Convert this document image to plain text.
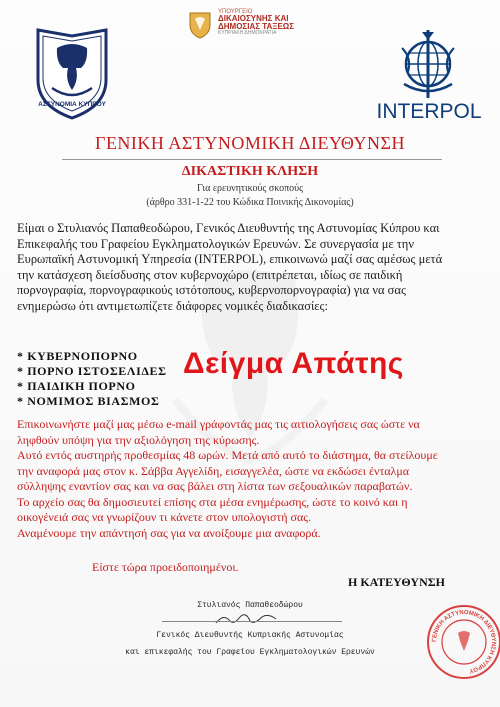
ΥΠΟΥΡΓΕΙΟ
ΔΙΚΑΙΟΣΥΝΗΣ ΚΑΙ
ΔΗΜΟΣΙΑΣ ΤΑΞΕΩΣ
ΚΥΠΡΙΑΚΗ ΔΗΜΟΚΡΑΤΙΑ
ΑΣΤΥΝΟΜΙΑ ΚΥΠΡΟΥ	INTERPOL
ΓΕΝΙΚΗ ΑΣΤΥΝΟΜΙΚΗ ΔΙΕΥΘΥΝΣΗ
ΔΙΚΑΣΤΙΚΗ ΚΛΗΣΗ
Για ερευνητικούς σκοπούς
(άρθρο 331-1-22 του Κώδικα Ποινικής Δικονομίας)
Είμαι ο Στυλιανός Παπαθεοδώρου, Γενικός Διευθυντής της Αστυνομίας Κύπρου και
Επικεφαλής του Γραφείου Εγκληματολογικών Ερευνών. Σε συνεργασία με την
Ευρωπαϊκή Αστυνομική Υπηρεσία (INTERPOL), επικοινωνώ μαζί σας αμέσως μετά
την κατάσχεση διείσδυσης στον κυβερνοχώρο (επιτρέπεται, ιδίως σε παιδική
πορνογραφία, πορνογραφικούς ιστότοπους, κυβερνοπορνογραφία) για να σας
ενημερώσω ότι αντιμετωπίζετε διάφορες νομικές διαδικασίες:
* ΚΥΒΕΡΝΟΠΟΡΝΟ
* ΠΟΡΝΟ ΙΣΤΟΣΕΛΙΔΕΣ
* ΠΑΙΔΙΚΗ ΠΟΡΝΟ
* ΝΟΜΙΜΟΣ ΒΙΑΣΜΟΣ
Δείγμα Απάτης
Επικοινωνήστε μαζί μας μέσω e-mail γράφοντάς μας τις αιτιολογήσεις σας ώστε να
ληφθούν υπόψη για την αξιολόγηση της κύρωσης.
Αυτό εντός αυστηρής προθεσμίας 48 ωρών. Μετά από αυτό το διάστημα, θα στείλουμε
την αναφορά μας στον κ. Σάββα Αγγελίδη, εισαγγελέα, ώστε να εκδώσει ένταλμα
σύλληψης εναντίον σας και να σας βάλει στη λίστα των σεξουαλικών παραβατών.
Το αρχείο σας θα δημοσιευτεί επίσης στα μέσα ενημέρωσης, ώστε το κοινό και η
οικογένειά σας να γνωρίζουν τι κάνετε στον υπολογιστή σας.
Αναμένουμε την απάντησή σας για να ανοίξουμε μια αναφορά.
Είστε τώρα προειδοποιημένοι.
Η ΚΑΤΕΥΘΥΝΣΗ
Στυλιανός Παπαθεοδώρου
Γενικός Διευθυντής Κυπριακής Αστυνομίας
και επικεφαλής του Γραφείου Εγκληματολογικών Ερευνών
ΓΕΝΙΚΗ ΑΣΤΥΝΟΜΙΚΗ ΔΙΕΥΘΥΝΣΗ ΚΥΠΡΟΥ
